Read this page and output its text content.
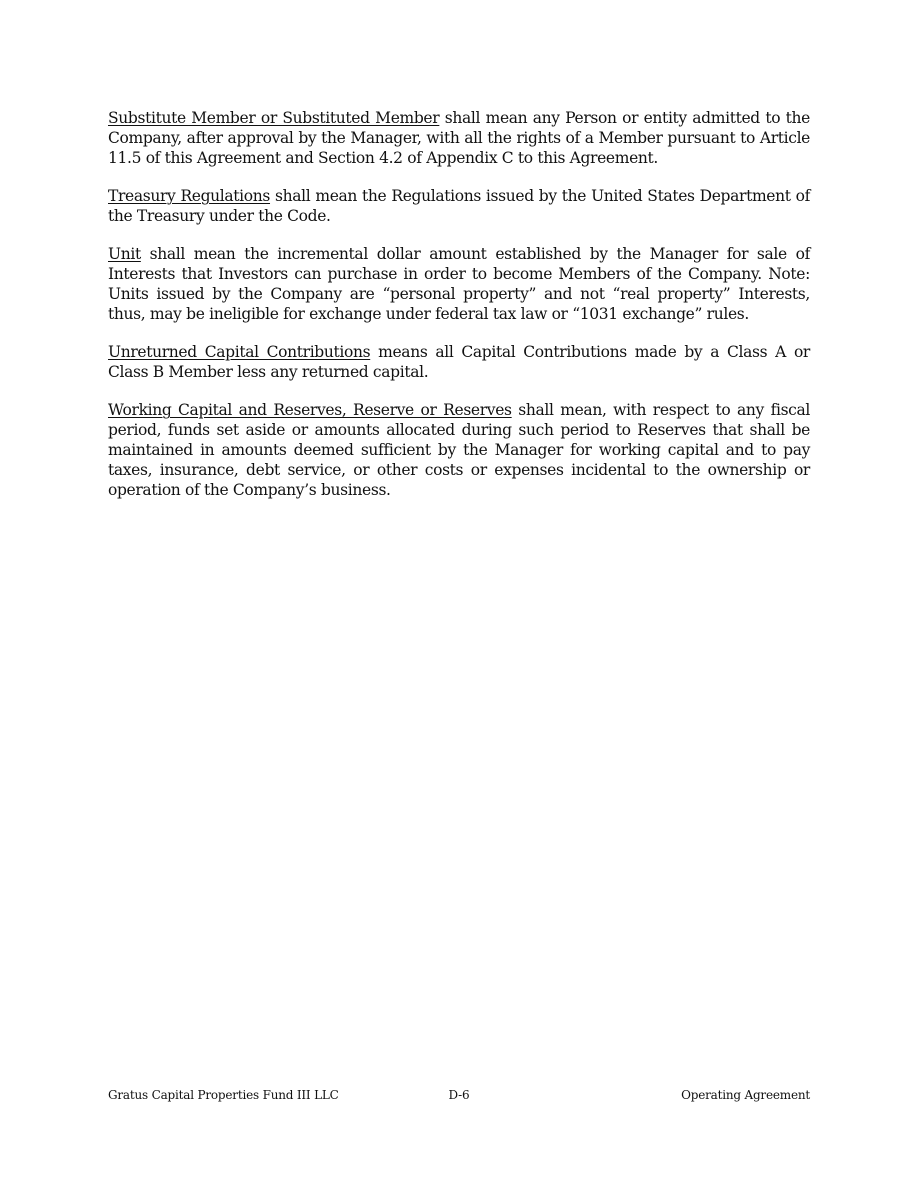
Substitute Member or Substituted Member shall mean any Person or entity admitted to the Company, after approval by the Manager, with all the rights of a Member pursuant to Article 11.5 of this Agreement and Section 4.2 of Appendix C to this Agreement.

Treasury Regulations shall mean the Regulations issued by the United States Department of the Treasury under the Code.

Unit shall mean the incremental dollar amount established by the Manager for sale of Interests that Investors can purchase in order to become Members of the Company. Note: Units issued by the Company are “personal property” and not “real property” Interests, thus, may be ineligible for exchange under federal tax law or “1031 exchange” rules.

Unreturned Capital Contributions means all Capital Contributions made by a Class A or Class B Member less any returned capital.

Working Capital and Reserves, Reserve or Reserves shall mean, with respect to any fiscal period, funds set aside or amounts allocated during such period to Reserves that shall be maintained in amounts deemed sufficient by the Manager for working capital and to pay taxes, insurance, debt service, or other costs or expenses incidental to the ownership or operation of the Company’s business.

Gratus Capital Properties Fund III LLC	D-6	Operating Agreement
